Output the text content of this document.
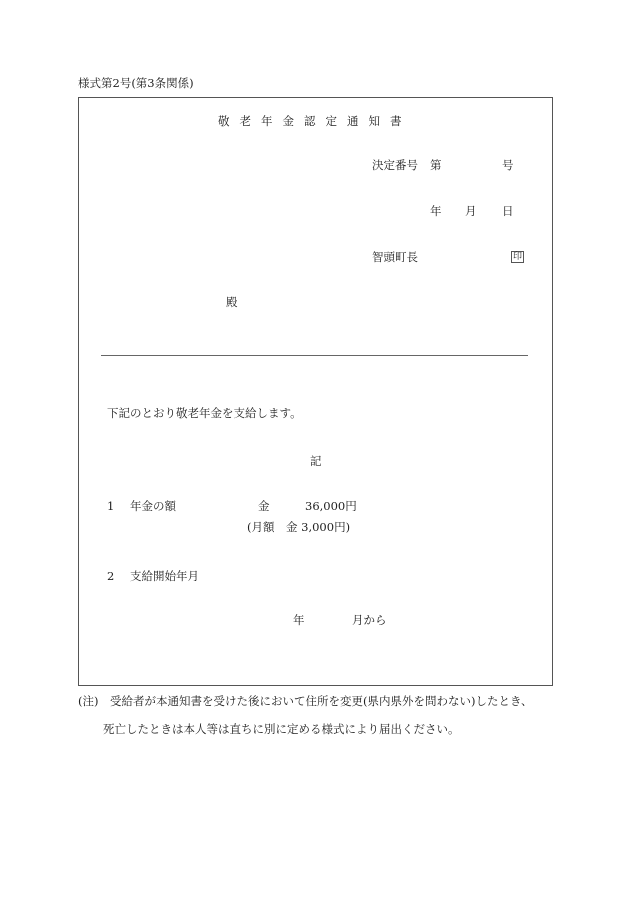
様式第2号(第3条関係)
敬老年金認定通知書
決定番号 第	号
年 月 日
智頭町長	印
殿
下記のとおり敬老年金を支給します。
記
1 年金の額	金	36,000円
(月額　金 3,000円)
2 支給開始年月
年	月から
(注)　受給者が本通知書を受けた後において住所を変更(県内県外を問わない)したとき、
死亡したときは本人等は直ちに別に定める様式により届出ください。
